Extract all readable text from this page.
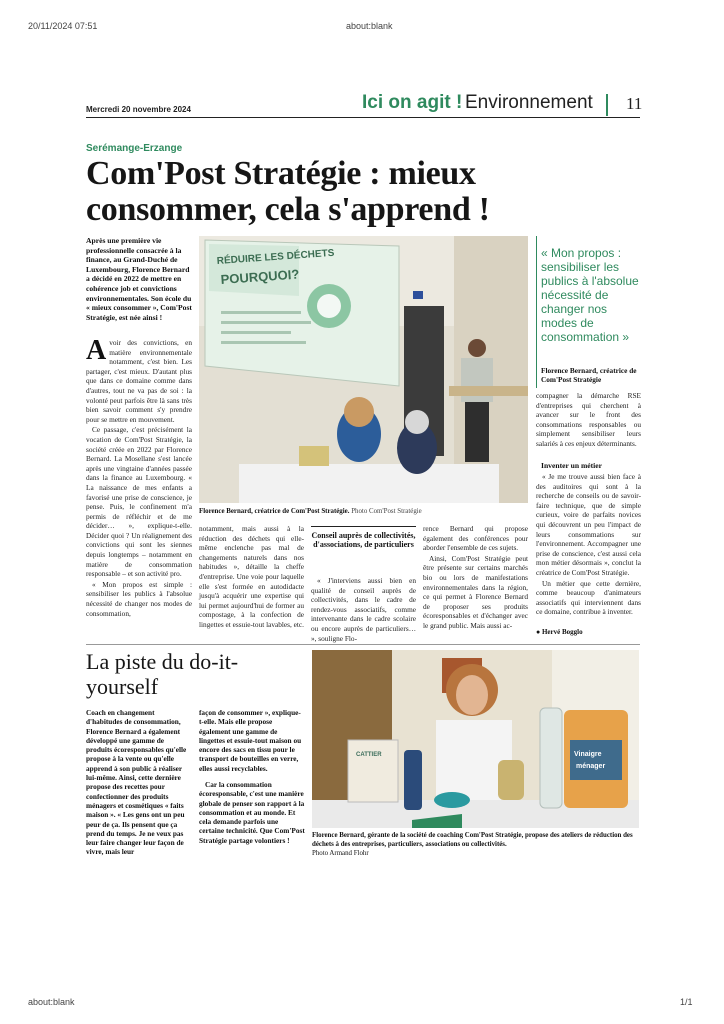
20/11/2024 07:51	about:blank
about:blank	1/1
Mercredi 20 novembre 2024	Ici on agit ! Environnement 11
Serémange-Erzange
Com'Post Stratégie : mieux consommer, cela s'apprend !
Après une première vie professionnelle consacrée à la finance, au Grand-Duché de Luxembourg, Florence Bernard a décidé en 2022 de mettre en cohérence job et convictions environnementales. Son école du « mieux consommer », Com'Post Stratégie, est née ainsi !
A voir des convictions, en matière environnementale notamment, c'est bien. Les partager, c'est mieux. D'autant plus que dans ce domaine comme dans d'autres, tout ne va pas de soi : la volonté peut parfois être là sans très bien savoir comment s'y prendre pour se mettre en mouvement.

Ce passage, c'est précisément la vocation de Com'Post Stratégie, la société créée en 2022 par Florence Bernard. La Mosellane s'est lancée après une vingtaine d'années passée dans la finance au Luxembourg. « La naissance de mes enfants a favorisé une prise de conscience, je pense. Puis, le confinement m'a permis de réfléchir et de me décider… », explique-t-elle. Décider quoi ? Un réalignement des convictions qui sont les siennes depuis longtemps – notamment en matière de consommation responsable – et son activité pro.

« Mon propos est simple : sensibiliser les publics à l'absolue nécessité de changer nos modes de consommation,

RÉDUIRE LES DÉCHETS
POURQUOI?
Florence Bernard, créatrice de Com'Post Stratégie. Photo Com'Post Stratégie

notamment, mais aussi à la réduction des déchets qui elle-même enclenche pas mal de changements naturels dans nos habitudes », détaille la cheffe d'entreprise. Une voie pour laquelle elle s'est formée en autodidacte jusqu'à acquérir une expertise qui lui permet aujourd'hui de former au compostage, à la confection de lingettes et essuie-tout lavables, etc.

Conseil auprès de collectivités, d'associations, de particuliers

« J'interviens aussi bien en qualité de conseil auprès de collectivités, dans le cadre de rendez-vous associatifs, comme intervenante dans le cadre scolaire ou encore auprès de particuliers… », souligne Flo-

rence Bernard qui propose également des conférences pour aborder l'ensemble de ces sujets.

Ainsi, Com'Post Stratégie peut être présente sur certains marchés bio ou lors de manifestations environnementales dans la région, ce qui permet à Florence Bernard de proposer ses produits écoresponsables et d'échanger avec le grand public. Mais aussi ac-

« Mon propos : sensibiliser les publics à l'absolue nécessité de changer nos modes de consommation »
Florence Bernard, créatrice de Com'Post Stratégie

compagner la démarche RSE d'entreprises qui cherchent à avancer sur le front des consommations responsables ou simplement sensibiliser leurs salariés à ces enjeux déterminants.

Inventer un métier

« Je me trouve aussi bien face à des auditoires qui sont à la recherche de conseils ou de savoir-faire technique, que de simple curieux, voire de parfaits novices qui découvrent un peu l'impact de leurs consommations sur l'environnement. Accompagner une prise de conscience, c'est aussi cela mon métier désormais », conclut la créatrice de Com'Post Stratégie.

Un métier que cette dernière, comme beaucoup d'animateurs associatifs qui interviennent dans ce domaine, contribue à inventer.

● Hervé Bogglo
La piste du do-it-yourself
Coach en changement d'habitudes de consommation, Florence Bernard a également développé une gamme de produits écoresponsables qu'elle propose à la vente ou qu'elle apprend à son public à réaliser lui-même. Ainsi, cette dernière propose des recettes pour confectionner des produits ménagers et cosmétiques « faits maison ». « Les gens ont un peu peur de ça. Ils pensent que ça prend du temps. Je ne veux pas leur faire changer leur façon de vivre, mais leur
façon de consommer », explique-t-elle. Mais elle propose également une gamme de lingettes et essuie-tout maison ou encore des sacs en tissu pour le transport de bouteilles en verre, elles aussi recyclables.
Car la consommation écoresponsable, c'est une manière globale de penser son rapport à la consommation et au monde. Et cela demande parfois une certaine technicité. Que Com'Post Stratégie partage volontiers !
CATTIER	Vinaigre
ménager
Florence Bernard, gérante de la société de coaching Com'Post Stratégie, propose des ateliers de réduction des déchets à des entreprises, particuliers, associations ou collectivités.
Photo Armand Flohr
